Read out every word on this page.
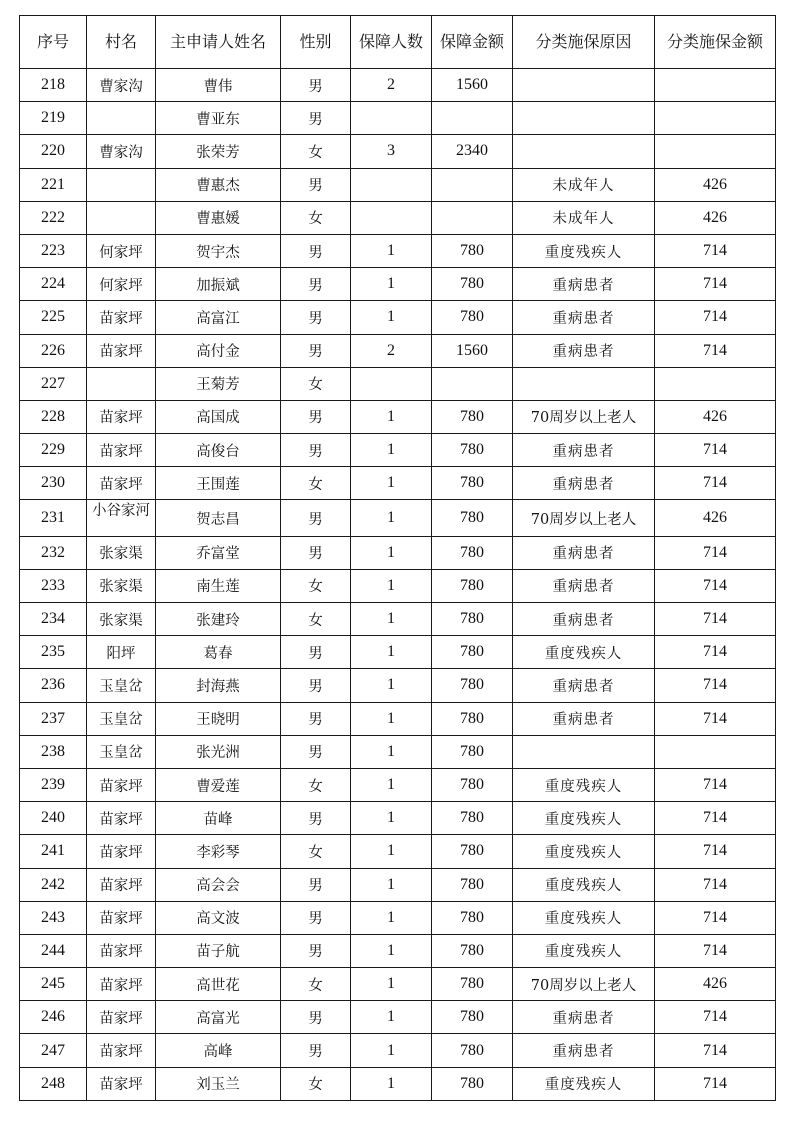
序号	村名	主申请人姓名	性别	保障人数	保障金额	分类施保原因	分类施保金额
218	曹家沟	曹伟	男	2	1560		
219		曹亚东	男				
220	曹家沟	张荣芳	女	3	2340		
221		曹惠杰	男			未成年人	426
222		曹惠媛	女			未成年人	426
223	何家坪	贺宇杰	男	1	780	重度残疾人	714
224	何家坪	加振斌	男	1	780	重病患者	714
225	苗家坪	高富江	男	1	780	重病患者	714
226	苗家坪	高付金	男	2	1560	重病患者	714
227		王菊芳	女				
228	苗家坪	高国成	男	1	780	70周岁以上老人	426
229	苗家坪	高俊台	男	1	780	重病患者	714
230	苗家坪	王围莲	女	1	780	重病患者	714
231	小谷家河	贺志昌	男	1	780	70周岁以上老人	426
232	张家渠	乔富堂	男	1	780	重病患者	714
233	张家渠	南生莲	女	1	780	重病患者	714
234	张家渠	张建玲	女	1	780	重病患者	714
235	阳坪	葛春	男	1	780	重度残疾人	714
236	玉皇岔	封海燕	男	1	780	重病患者	714
237	玉皇岔	王晓明	男	1	780	重病患者	714
238	玉皇岔	张光洲	男	1	780		
239	苗家坪	曹爱莲	女	1	780	重度残疾人	714
240	苗家坪	苗峰	男	1	780	重度残疾人	714
241	苗家坪	李彩琴	女	1	780	重度残疾人	714
242	苗家坪	高会会	男	1	780	重度残疾人	714
243	苗家坪	高文波	男	1	780	重度残疾人	714
244	苗家坪	苗子航	男	1	780	重度残疾人	714
245	苗家坪	高世花	女	1	780	70周岁以上老人	426
246	苗家坪	高富光	男	1	780	重病患者	714
247	苗家坪	高峰	男	1	780	重病患者	714
248	苗家坪	刘玉兰	女	1	780	重度残疾人	714
